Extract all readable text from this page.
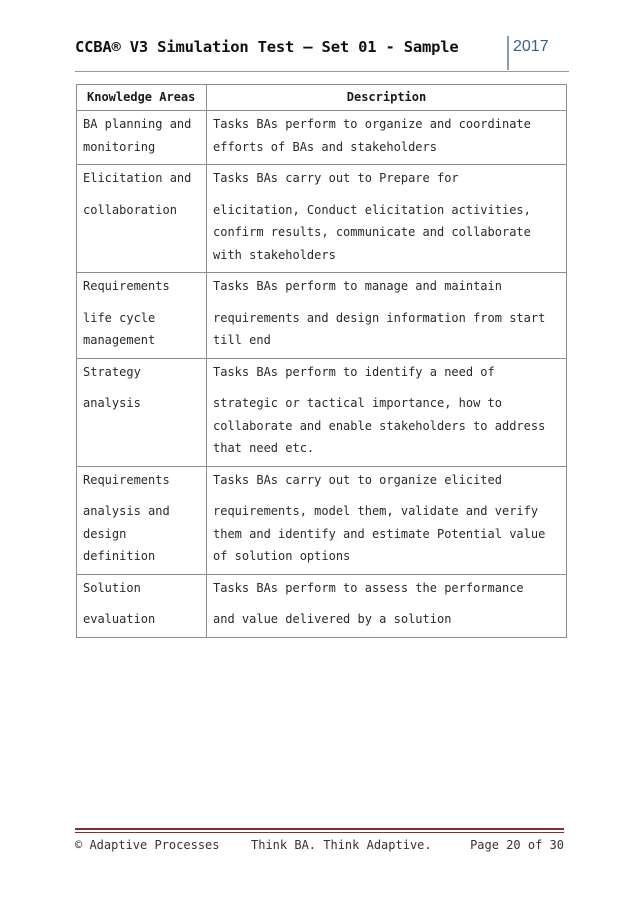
CCBA® V3 Simulation Test – Set 01 - Sample	2017
Knowledge Areas	Description

BA planning and
monitoring	Tasks BAs perform to organize and coordinate
efforts of BAs and stakeholders

Elicitation and
collaboration	Tasks BAs carry out to Prepare for
elicitation, Conduct elicitation activities,
confirm results, communicate and collaborate
with stakeholders

Requirements
life cycle
management	Tasks BAs perform to manage and maintain
requirements and design information from start
till end

Strategy
analysis	Tasks BAs perform to identify a need of
strategic or tactical importance, how to
collaborate and enable stakeholders to address
that need etc.

Requirements
analysis and
design
definition	Tasks BAs carry out to organize elicited
requirements, model them, validate and verify
them and identify and estimate Potential value
of solution options

Solution
evaluation	Tasks BAs perform to assess the performance
and value delivered by a solution
© Adaptive Processes	Think BA. Think Adaptive.	Page 20 of 30
